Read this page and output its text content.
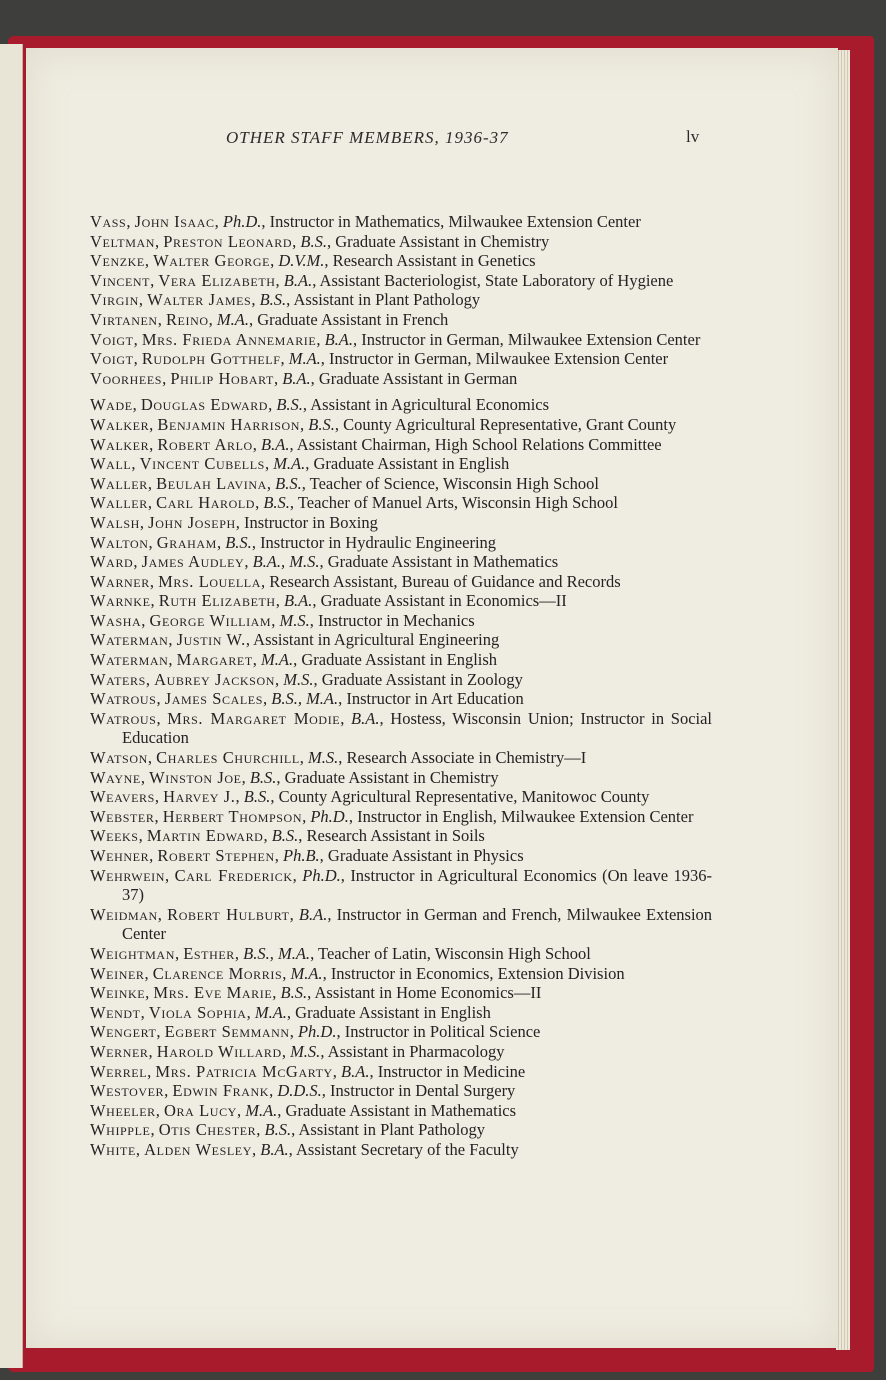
OTHER STAFF MEMBERS, 1936-37	lv

Vass, John Isaac, Ph.D., Instructor in Mathematics, Milwaukee Extension Center

Veltman, Preston Leonard, B.S., Graduate Assistant in Chemistry

Venzke, Walter George, D.V.M., Research Assistant in Genetics

Vincent, Vera Elizabeth, B.A., Assistant Bacteriologist, State Laboratory of Hygiene

Virgin, Walter James, B.S., Assistant in Plant Pathology

Virtanen, Reino, M.A., Graduate Assistant in French

Voigt, Mrs. Frieda Annemarie, B.A., Instructor in German, Milwaukee Extension Center

Voigt, Rudolph Gotthelf, M.A., Instructor in German, Milwaukee Extension Center

Voorhees, Philip Hobart, B.A., Graduate Assistant in German

Wade, Douglas Edward, B.S., Assistant in Agricultural Economics

Walker, Benjamin Harrison, B.S., County Agricultural Representative, Grant County

Walker, Robert Arlo, B.A., Assistant Chairman, High School Relations Committee

Wall, Vincent Cubells, M.A., Graduate Assistant in English

Waller, Beulah Lavina, B.S., Teacher of Science, Wisconsin High School

Waller, Carl Harold, B.S., Teacher of Manuel Arts, Wisconsin High School

Walsh, John Joseph, Instructor in Boxing

Walton, Graham, B.S., Instructor in Hydraulic Engineering

Ward, James Audley, B.A., M.S., Graduate Assistant in Mathematics

Warner, Mrs. Louella, Research Assistant, Bureau of Guidance and Records

Warnke, Ruth Elizabeth, B.A., Graduate Assistant in Economics—II

Washa, George William, M.S., Instructor in Mechanics

Waterman, Justin W., Assistant in Agricultural Engineering

Waterman, Margaret, M.A., Graduate Assistant in English

Waters, Aubrey Jackson, M.S., Graduate Assistant in Zoology

Watrous, James Scales, B.S., M.A., Instructor in Art Education

Watrous, Mrs. Margaret Modie, B.A., Hostess, Wisconsin Union; Instructor in Social Education

Watson, Charles Churchill, M.S., Research Associate in Chemistry—I

Wayne, Winston Joe, B.S., Graduate Assistant in Chemistry

Weavers, Harvey J., B.S., County Agricultural Representative, Manitowoc County

Webster, Herbert Thompson, Ph.D., Instructor in English, Milwaukee Extension Center

Weeks, Martin Edward, B.S., Research Assistant in Soils

Wehner, Robert Stephen, Ph.B., Graduate Assistant in Physics

Wehrwein, Carl Frederick, Ph.D., Instructor in Agricultural Economics (On leave 1936-37)

Weidman, Robert Hulburt, B.A., Instructor in German and French, Milwaukee Extension Center

Weightman, Esther, B.S., M.A., Teacher of Latin, Wisconsin High School

Weiner, Clarence Morris, M.A., Instructor in Economics, Extension Division

Weinke, Mrs. Eve Marie, B.S., Assistant in Home Economics—II

Wendt, Viola Sophia, M.A., Graduate Assistant in English

Wengert, Egbert Semmann, Ph.D., Instructor in Political Science

Werner, Harold Willard, M.S., Assistant in Pharmacology

Werrel, Mrs. Patricia McGarty, B.A., Instructor in Medicine

Westover, Edwin Frank, D.D.S., Instructor in Dental Surgery

Wheeler, Ora Lucy, M.A., Graduate Assistant in Mathematics

Whipple, Otis Chester, B.S., Assistant in Plant Pathology

White, Alden Wesley, B.A., Assistant Secretary of the Faculty
